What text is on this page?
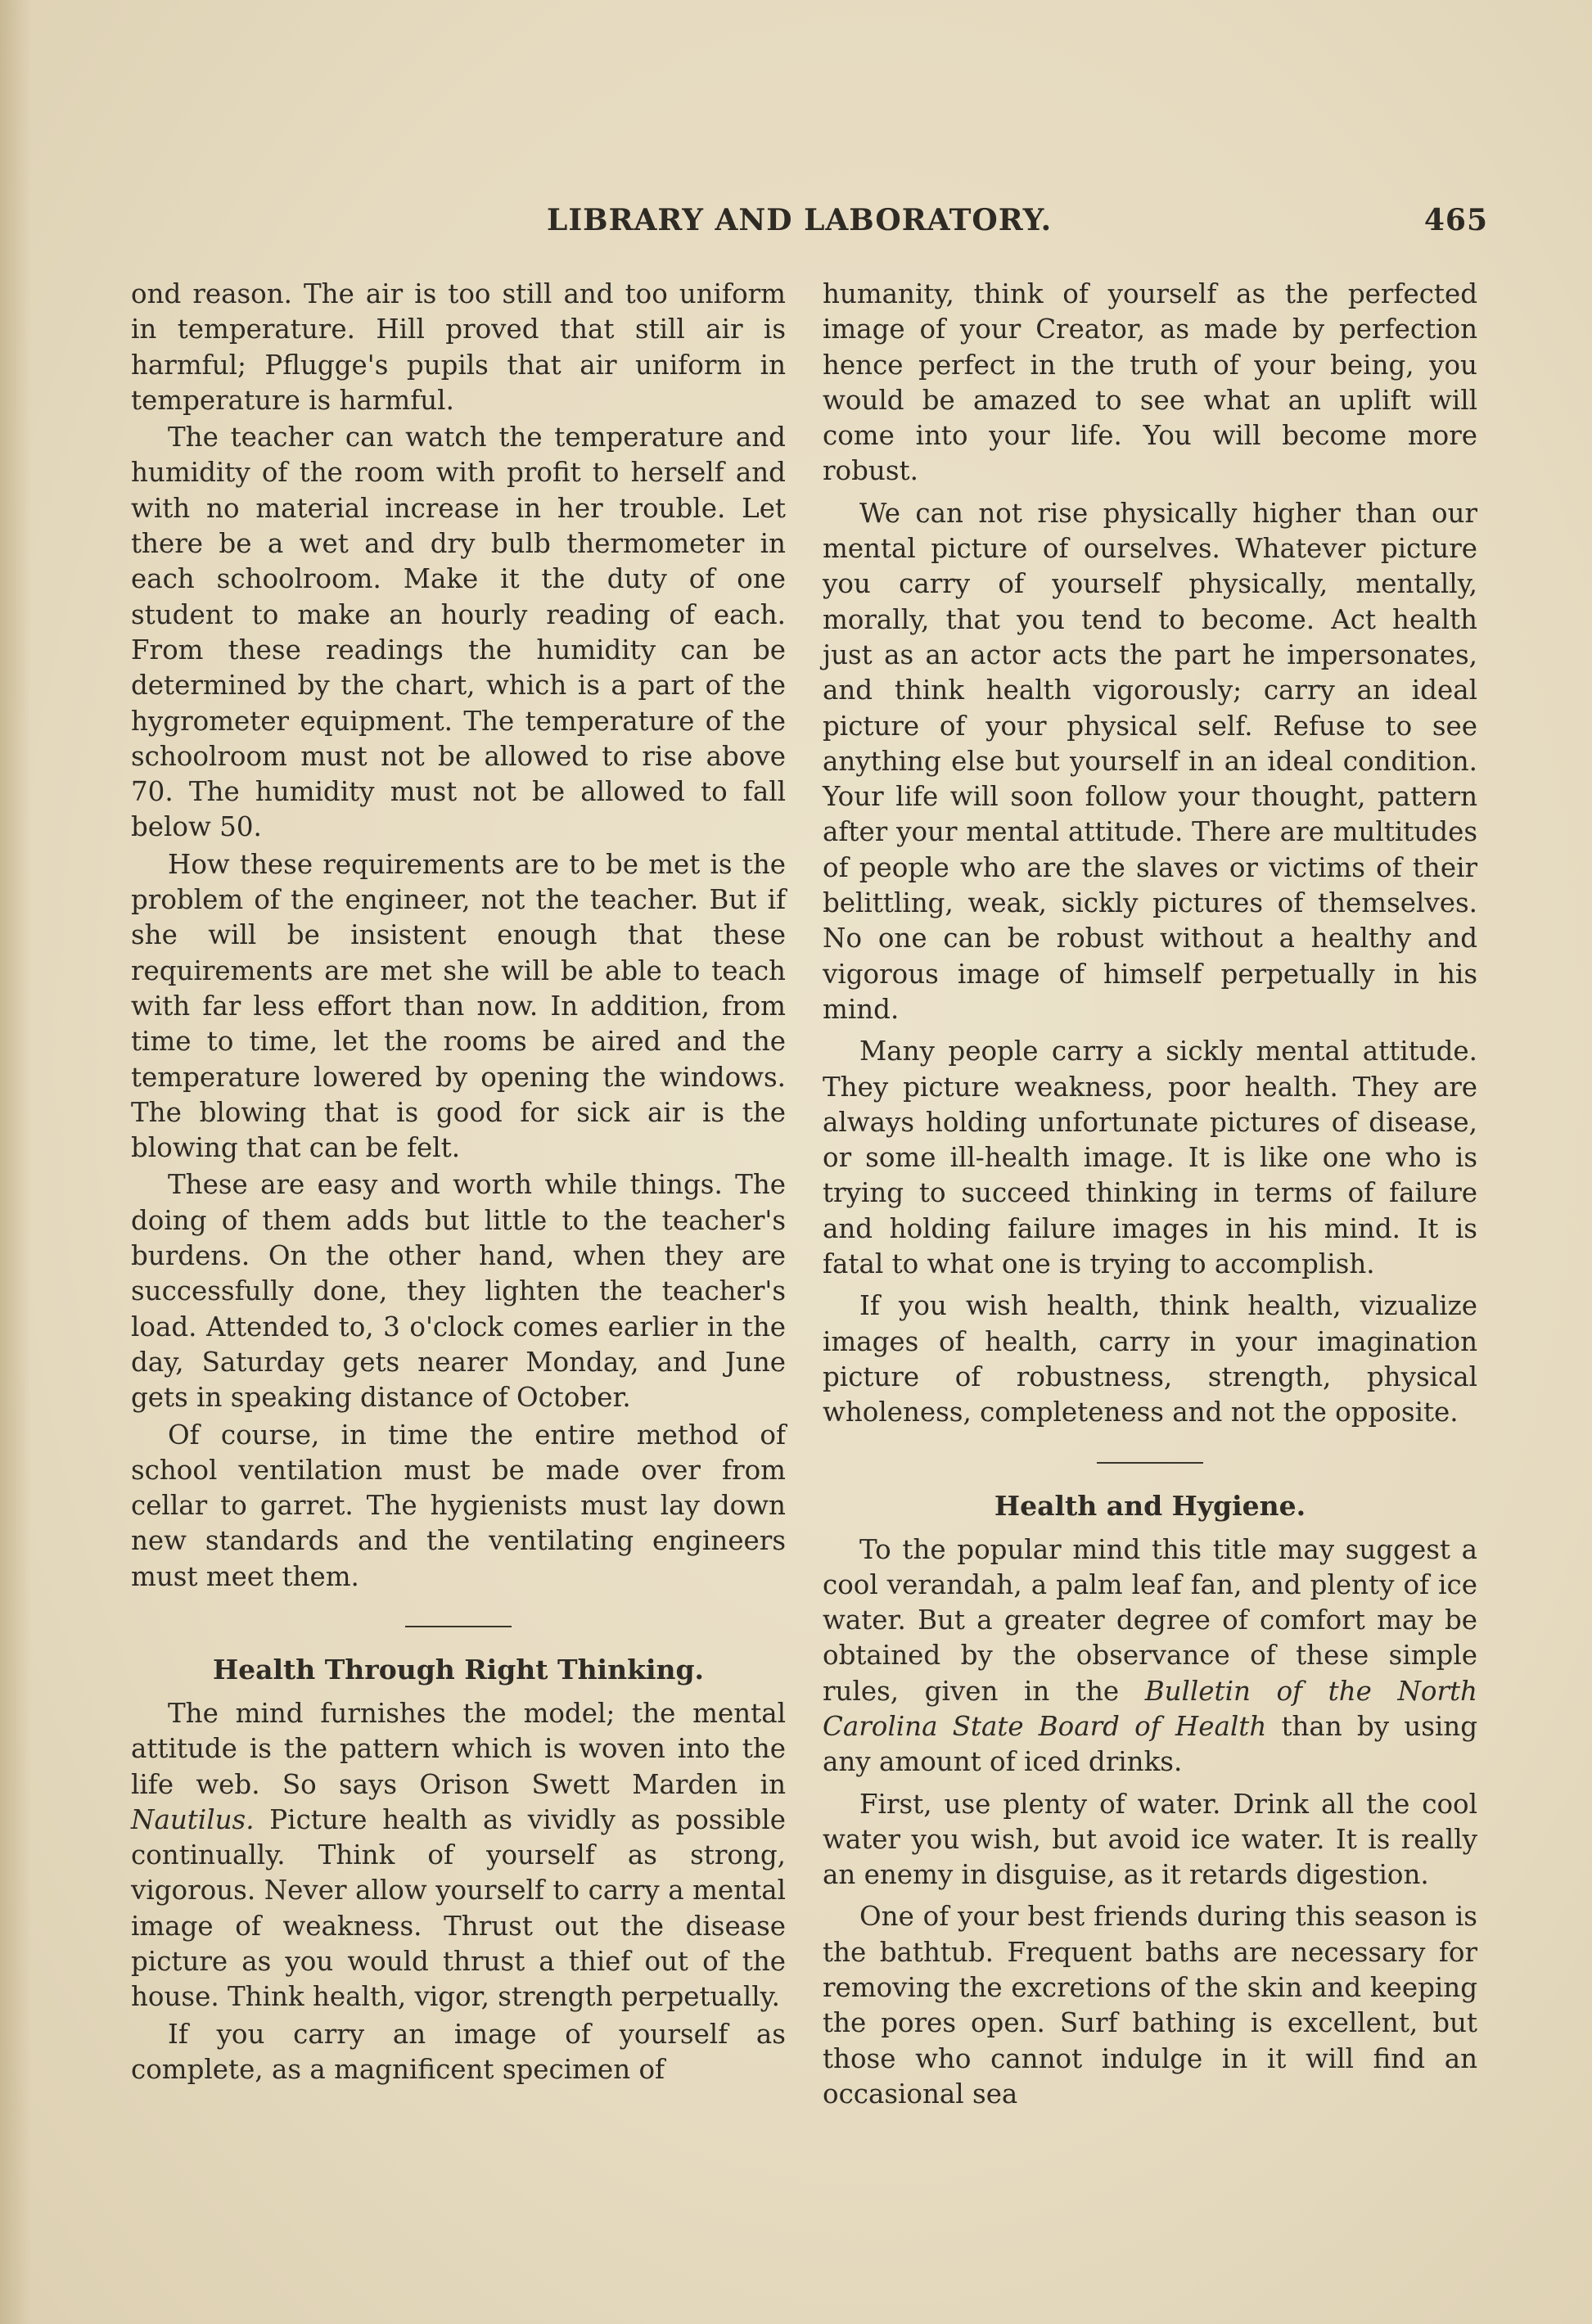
LIBRARY AND LABORATORY.	465

ond reason. The air is too still and too uniform in temperature. Hill proved that still air is harmful; Pflugge's pupils that air uniform in temperature is harmful.

The teacher can watch the temperature and humidity of the room with profit to herself and with no material increase in her trouble. Let there be a wet and dry bulb thermometer in each schoolroom. Make it the duty of one student to make an hourly reading of each. From these readings the humidity can be determined by the chart, which is a part of the hygrometer equipment. The temperature of the schoolroom must not be allowed to rise above 70. The humidity must not be allowed to fall below 50.

How these requirements are to be met is the problem of the engineer, not the teacher. But if she will be insistent enough that these requirements are met she will be able to teach with far less effort than now. In addition, from time to time, let the rooms be aired and the temperature lowered by opening the windows. The blowing that is good for sick air is the blowing that can be felt.

These are easy and worth while things. The doing of them adds but little to the teacher's burdens. On the other hand, when they are successfully done, they lighten the teacher's load. Attended to, 3 o'clock comes earlier in the day, Saturday gets nearer Monday, and June gets in speaking distance of October.

Of course, in time the entire method of school ventilation must be made over from cellar to garret. The hygienists must lay down new standards and the ventilating engineers must meet them.

Health Through Right Thinking.

The mind furnishes the model; the mental attitude is the pattern which is woven into the life web. So says Orison Swett Marden in Nautilus. Picture health as vividly as possible continually. Think of yourself as strong, vigorous. Never allow yourself to carry a mental image of weakness. Thrust out the disease picture as you would thrust a thief out of the house. Think health, vigor, strength perpetually.

If you carry an image of yourself as complete, as a magnificent specimen of

humanity, think of yourself as the perfected image of your Creator, as made by perfection hence perfect in the truth of your being, you would be amazed to see what an uplift will come into your life. You will become more robust.

We can not rise physically higher than our mental picture of ourselves. Whatever picture you carry of yourself physically, mentally, morally, that you tend to become. Act health just as an actor acts the part he impersonates, and think health vigorously; carry an ideal picture of your physical self. Refuse to see anything else but yourself in an ideal condition. Your life will soon follow your thought, pattern after your mental attitude. There are multitudes of people who are the slaves or victims of their belittling, weak, sickly pictures of themselves. No one can be robust without a healthy and vigorous image of himself perpetually in his mind.

Many people carry a sickly mental attitude. They picture weakness, poor health. They are always holding unfortunate pictures of disease, or some ill-health image. It is like one who is trying to succeed thinking in terms of failure and holding failure images in his mind. It is fatal to what one is trying to accomplish.

If you wish health, think health, vizualize images of health, carry in your imagination picture of robustness, strength, physical wholeness, completeness and not the opposite.

Health and Hygiene.

To the popular mind this title may suggest a cool verandah, a palm leaf fan, and plenty of ice water. But a greater degree of comfort may be obtained by the observance of these simple rules, given in the Bulletin of the North Carolina State Board of Health than by using any amount of iced drinks.

First, use plenty of water. Drink all the cool water you wish, but avoid ice water. It is really an enemy in disguise, as it retards digestion.

One of your best friends during this season is the bathtub. Frequent baths are necessary for removing the excretions of the skin and keeping the pores open. Surf bathing is excellent, but those who cannot indulge in it will find an occasional sea
